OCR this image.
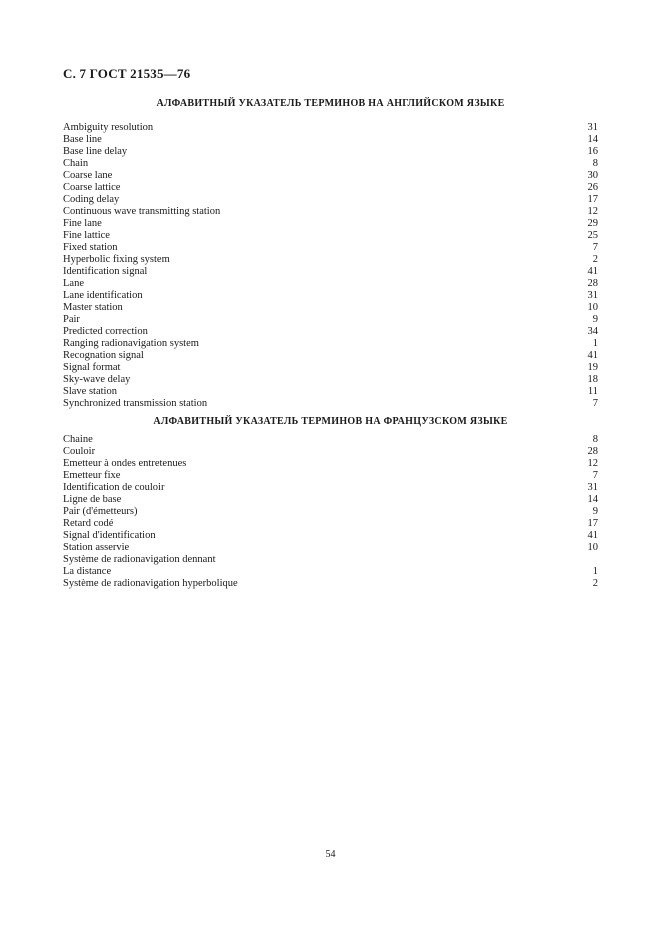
С. 7 ГОСТ 21535—76
АЛФАВИТНЫЙ УКАЗАТЕЛЬ ТЕРМИНОВ НА АНГЛИЙСКОМ ЯЗЫКЕ
Ambiguity resolution	31
Base line	14
Base line delay	16
Chain	8
Coarse lane	30
Coarse lattice	26
Coding delay	17
Continuous wave transmitting station	12
Fine lane	29
Fine lattice	25
Fixed station	7
Hyperbolic fixing system	2
Identification signal	41
Lane	28
Lane identification	31
Master station	10
Pair	9
Predicted correction	34
Ranging radionavigation system	1
Recognation signal	41
Signal format	19
Sky-wave delay	18
Slave station	11
Synchronized transmission station	7
АЛФАВИТНЫЙ УКАЗАТЕЛЬ ТЕРМИНОВ НА ФРАНЦУЗСКОМ ЯЗЫКЕ
Chaine	8
Couloir	28
Emetteur à ondes entretenues	12
Emetteur fixe	7
Identification de couloir	31
Ligne de base	14
Pair (d'émetteurs)	9
Retard codé	17
Signal d'identification	41
Station asservie	10
Système de radionavigation dennant
La distance	1
Système de radionavigation hyperbolique	2
54
